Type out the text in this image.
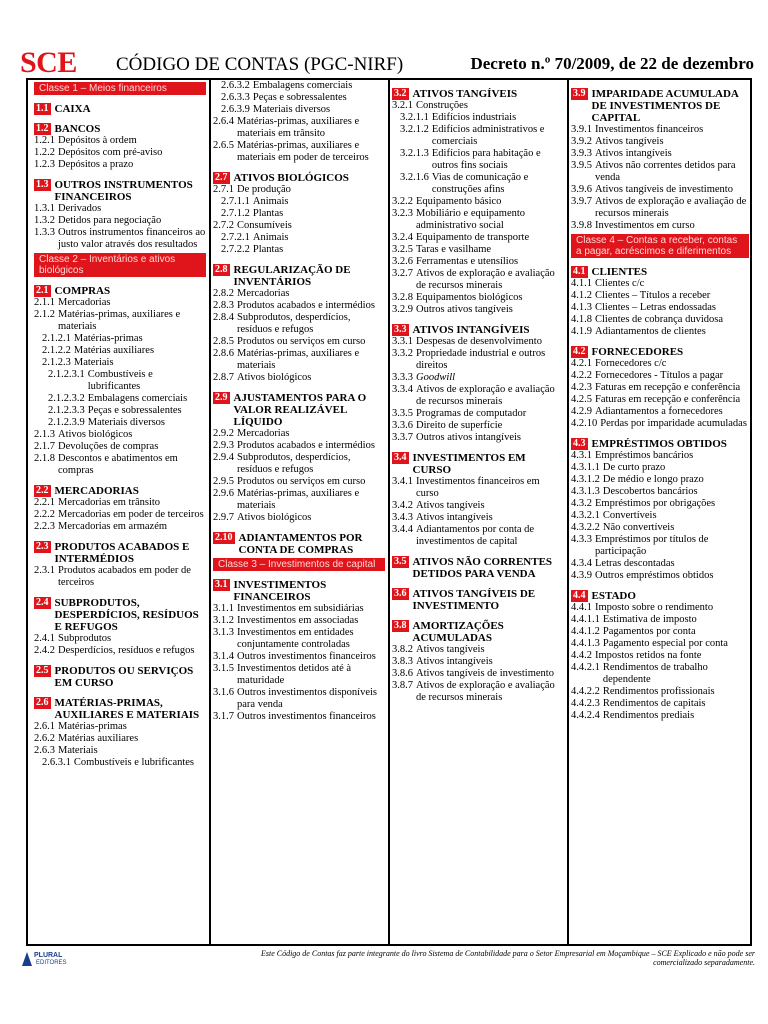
SCE CÓDIGO DE CONTAS (PGC-NIRF)	Decreto n.º 70/2009, de 22 de dezembro
Classe 1 – Meios financeiros
1.1 CAIXA
1.2 BANCOS
1.2.1 Depósitos à ordem
1.2.2 Depósitos com pré-aviso
1.2.3 Depósitos a prazo
1.3 OUTROS INSTRUMENTOS FINANCEIROS
1.3.1 Derivados
1.3.2 Detidos para negociação
1.3.3 Outros instrumentos financeiros ao justo valor através dos resultados
Classe 2 – Inventários e ativos biológicos
2.1 COMPRAS
2.1.1 Mercadorias
2.1.2 Matérias-primas, auxiliares e materiais
2.1.2.1 Matérias-primas
2.1.2.2 Matérias auxiliares
2.1.2.3 Materiais
2.1.2.3.1 Combustíveis e lubrificantes
2.1.2.3.2 Embalagens comerciais
2.1.2.3.3 Peças e sobressalentes
2.1.2.3.9 Materiais diversos
2.1.3 Ativos biológicos
2.1.7 Devoluções de compras
2.1.8 Descontos e abatimentos em compras
2.2 MERCADORIAS
2.2.1 Mercadorias em trânsito
2.2.2 Mercadorias em poder de terceiros
2.2.3 Mercadorias em armazém
2.3 PRODUTOS ACABADOS E INTERMÉDIOS
2.3.1 Produtos acabados em poder de terceiros
2.4 SUBPRODUTOS, DESPERDÍCIOS, RESÍDUOS E REFUGOS
2.4.1 Subprodutos
2.4.2 Desperdícios, resíduos e refugos
2.5 PRODUTOS OU SERVIÇOS EM CURSO
2.6 MATÉRIAS-PRIMAS, AUXILIARES E MATERIAIS
2.6.1 Matérias-primas
2.6.2 Matérias auxiliares
2.6.3 Materiais
2.6.3.1 Combustíveis e lubrificantes
2.6.3.2 Embalagens comerciais
2.6.3.3 Peças e sobressalentes
2.6.3.9 Materiais diversos
2.6.4 Matérias-primas, auxiliares e materiais em trânsito
2.6.5 Matérias-primas, auxiliares e materiais em poder de terceiros
2.7 ATIVOS BIOLÓGICOS
2.7.1 De produção
2.7.1.1 Animais
2.7.1.2 Plantas
2.7.2 Consumíveis
2.7.2.1 Animais
2.7.2.2 Plantas
2.8 REGULARIZAÇÃO DE INVENTÁRIOS
2.8.2 Mercadorias
2.8.3 Produtos acabados e intermédios
2.8.4 Subprodutos, desperdícios, resíduos e refugos
2.8.5 Produtos ou serviços em curso
2.8.6 Matérias-primas, auxiliares e materiais
2.8.7 Ativos biológicos
2.9 AJUSTAMENTOS PARA O VALOR REALIZÁVEL LÍQUIDO
2.9.2 Mercadorias
2.9.3 Produtos acabados e intermédios
2.9.4 Subprodutos, desperdícios, resíduos e refugos
2.9.5 Produtos ou serviços em curso
2.9.6 Matérias-primas, auxiliares e materiais
2.9.7 Ativos biológicos
2.10 ADIANTAMENTOS POR CONTA DE COMPRAS
Classe 3 – Investimentos de capital
3.1 INVESTIMENTOS FINANCEIROS
3.1.1 Investimentos em subsidiárias
3.1.2 Investimentos em associadas
3.1.3 Investimentos em entidades conjuntamente controladas
3.1.4 Outros investimentos financeiros
3.1.5 Investimentos detidos até à maturidade
3.1.6 Outros investimentos disponíveis para venda
3.1.7 Outros investimentos financeiros
3.2 ATIVOS TANGÍVEIS
3.2.1 Construções
3.2.1.1 Edifícios industriais
3.2.1.2 Edifícios administrativos e comerciais
3.2.1.3 Edifícios para habitação e outros fins sociais
3.2.1.6 Vias de comunicação e construções afins
3.2.2 Equipamento básico
3.2.3 Mobiliário e equipamento administrativo social
3.2.4 Equipamento de transporte
3.2.5 Taras e vasilhame
3.2.6 Ferramentas e utensílios
3.2.7 Ativos de exploração e avaliação de recursos minerais
3.2.8 Equipamentos biológicos
3.2.9 Outros ativos tangíveis
3.3 ATIVOS INTANGÍVEIS
3.3.1 Despesas de desenvolvimento
3.3.2 Propriedade industrial e outros direitos
3.3.3 Goodwill
3.3.4 Ativos de exploração e avaliação de recursos minerais
3.3.5 Programas de computador
3.3.6 Direito de superfície
3.3.7 Outros ativos intangíveis
3.4 INVESTIMENTOS EM CURSO
3.4.1 Investimentos financeiros em curso
3.4.2 Ativos tangíveis
3.4.3 Ativos intangíveis
3.4.4 Adiantamentos por conta de investimentos de capital
3.5 ATIVOS NÃO CORRENTES DETIDOS PARA VENDA
3.6 ATIVOS TANGÍVEIS DE INVESTIMENTO
3.8 AMORTIZAÇÕES ACUMULADAS
3.8.2 Ativos tangíveis
3.8.3 Ativos intangíveis
3.8.6 Ativos tangíveis de investimento
3.8.7 Ativos de exploração e avaliação de recursos minerais
3.9 IMPARIDADE ACUMULADA DE INVESTIMENTOS DE CAPITAL
3.9.1 Investimentos financeiros
3.9.2 Ativos tangíveis
3.9.3 Ativos intangíveis
3.9.5 Ativos não correntes detidos para venda
3.9.6 Ativos tangíveis de investimento
3.9.7 Ativos de exploração e avaliação de recursos minerais
3.9.8 Investimentos em curso
Classe 4 – Contas a receber, contas a pagar, acréscimos e diferimentos
4.1 CLIENTES
4.1.1 Clientes c/c
4.1.2 Clientes – Títulos a receber
4.1.3 Clientes – Letras endossadas
4.1.8 Clientes de cobrança duvidosa
4.1.9 Adiantamentos de clientes
4.2 FORNECEDORES
4.2.1 Fornecedores c/c
4.2.2 Fornecedores - Títulos a pagar
4.2.3 Faturas em recepção e conferência
4.2.5 Faturas em recepção e conferência
4.2.9 Adiantamentos a fornecedores
4.2.10 Perdas por imparidade acumuladas
4.3 EMPRÉSTIMOS OBTIDOS
4.3.1 Empréstimos bancários
4.3.1.1 De curto prazo
4.3.1.2 De médio e longo prazo
4.3.1.3 Descobertos bancários
4.3.2 Empréstimos por obrigações
4.3.2.1 Convertíveis
4.3.2.2 Não convertíveis
4.3.3 Empréstimos por títulos de participação
4.3.4 Letras descontadas
4.3.9 Outros empréstimos obtidos
4.4 ESTADO
4.4.1 Imposto sobre o rendimento
4.4.1.1 Estimativa de imposto
4.4.1.2 Pagamentos por conta
4.4.1.3 Pagamento especial por conta
4.4.2 Impostos retidos na fonte
4.4.2.1 Rendimentos de trabalho dependente
4.4.2.2 Rendimentos profissionais
4.4.2.3 Rendimentos de capitais
4.4.2.4 Rendimentos prediais
PLURAL
EDITORES
Este Código de Contas faz parte integrante do livro Sistema de Contabilidade para o Setor Empresarial em Moçambique – SCE Explicado e não pode ser comercializado separadamente.
